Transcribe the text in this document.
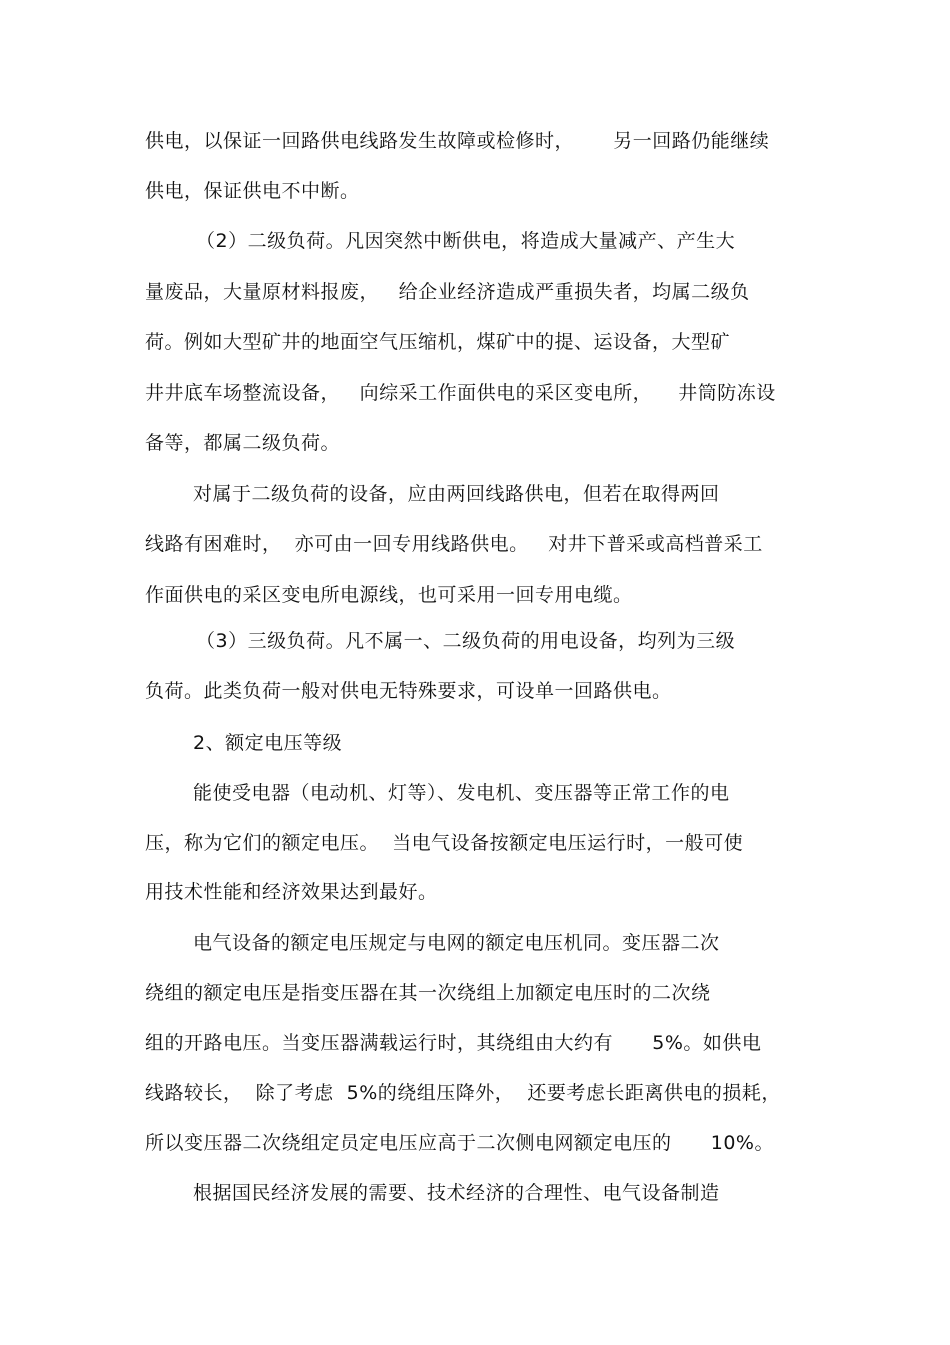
供电，以保证一回路供电线路发生故障或检修时，      另一回路仍能继续
供电，保证供电不中断。
（2）二级负荷。凡因突然中断供电，将造成大量减产、产生大
量废品，大量原材料报废，   给企业经济造成严重损失者，均属二级负
荷。例如大型矿井的地面空气压缩机，煤矿中的提、运设备，大型矿
井井底车场整流设备，   向综采工作面供电的采区变电所，    井筒防冻设
备等，都属二级负荷。
对属于二级负荷的设备，应由两回线路供电，但若在取得两回
线路有困难时，  亦可由一回专用线路供电。   对井下普采或高档普采工
作面供电的采区变电所电源线，也可采用一回专用电缆。
（3）三级负荷。凡不属一、二级负荷的用电设备，均列为三级
负荷。此类负荷一般对供电无特殊要求，可设单一回路供电。
2、额定电压等级
能使受电器（电动机、灯等）、发电机、变压器等正常工作的电
压，称为它们的额定电压。  当电气设备按额定电压运行时，一般可使
用技术性能和经济效果达到最好。
电气设备的额定电压规定与电网的额定电压机同。变压器二次
绕组的额定电压是指变压器在其一次绕组上加额定电压时的二次绕
组的开路电压。当变压器满载运行时，其绕组由大约有      5%。如供电
线路较长，  除了考虑  5%的绕组压降外，  还要考虑长距离供电的损耗，
所以变压器二次绕组定员定电压应高于二次侧电网额定电压的      10%。
根据国民经济发展的需要、技术经济的合理性、电气设备制造
